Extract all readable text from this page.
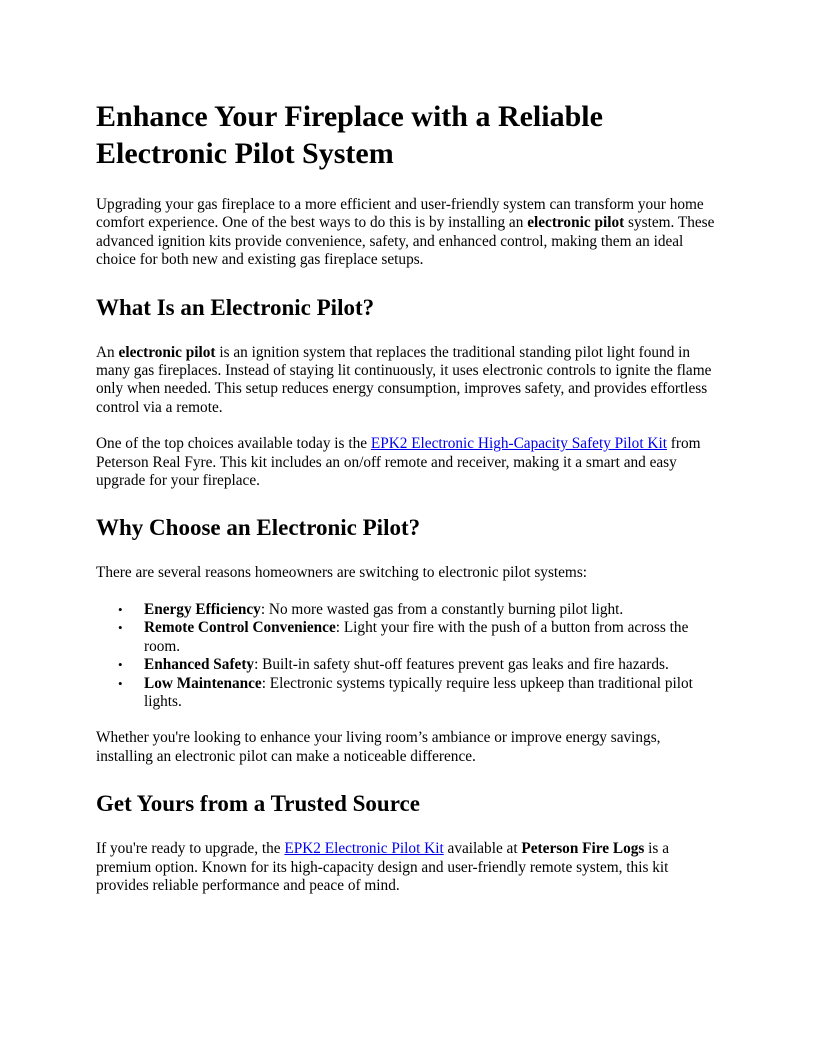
Enhance Your Fireplace with a Reliable Electronic Pilot System

Upgrading your gas fireplace to a more efficient and user-friendly system can transform your home comfort experience. One of the best ways to do this is by installing an electronic pilot system. These advanced ignition kits provide convenience, safety, and enhanced control, making them an ideal choice for both new and existing gas fireplace setups.

What Is an Electronic Pilot?

An electronic pilot is an ignition system that replaces the traditional standing pilot light found in many gas fireplaces. Instead of staying lit continuously, it uses electronic controls to ignite the flame only when needed. This setup reduces energy consumption, improves safety, and provides effortless control via a remote.

One of the top choices available today is the EPK2 Electronic High-Capacity Safety Pilot Kit from Peterson Real Fyre. This kit includes an on/off remote and receiver, making it a smart and easy upgrade for your fireplace.

Why Choose an Electronic Pilot?

There are several reasons homeowners are switching to electronic pilot systems:

• Energy Efficiency: No more wasted gas from a constantly burning pilot light.
• Remote Control Convenience: Light your fire with the push of a button from across the room.
• Enhanced Safety: Built-in safety shut-off features prevent gas leaks and fire hazards.
• Low Maintenance: Electronic systems typically require less upkeep than traditional pilot lights.

Whether you're looking to enhance your living room’s ambiance or improve energy savings, installing an electronic pilot can make a noticeable difference.

Get Yours from a Trusted Source

If you're ready to upgrade, the EPK2 Electronic Pilot Kit available at Peterson Fire Logs is a premium option. Known for its high-capacity design and user-friendly remote system, this kit provides reliable performance and peace of mind.
